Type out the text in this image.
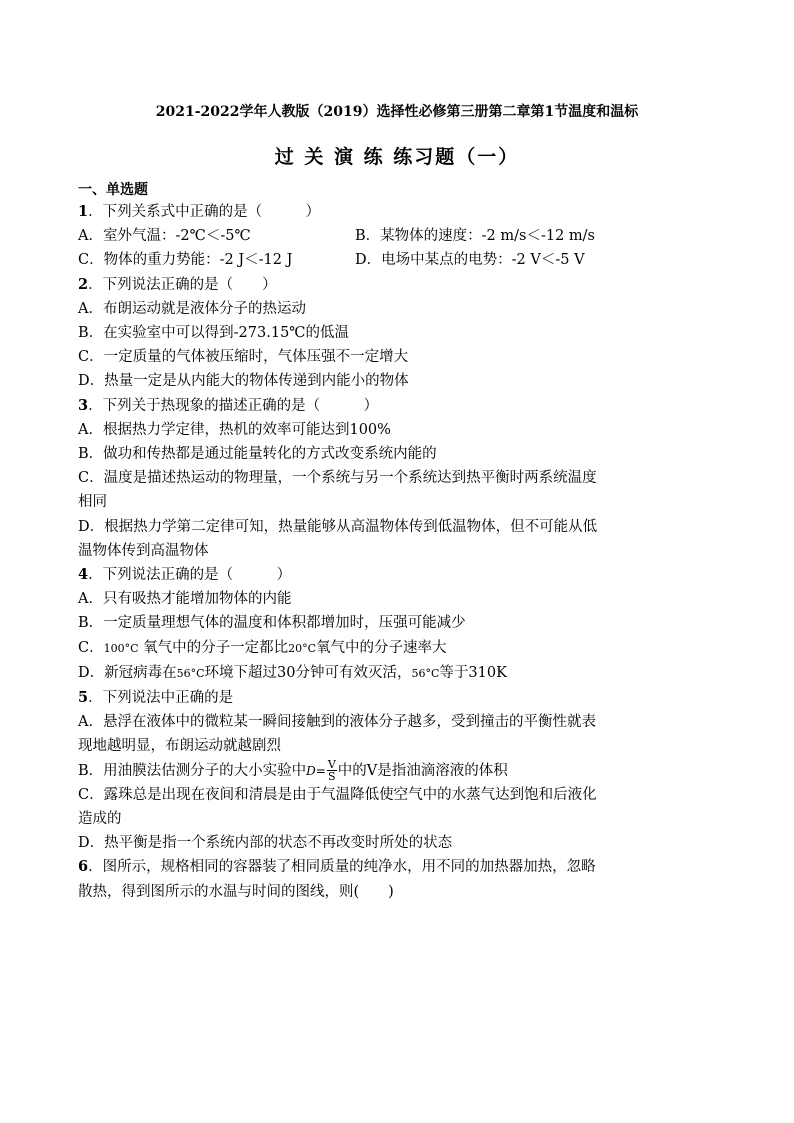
2021-2022学年人教版（2019）选择性必修第三册第二章第1节温度和温标
过 关 演 练 练习题（一）
一、单选题
1．下列关系式中正确的是（　　　）
A．室外气温：-2℃＜-5℃	B．某物体的速度：-2 m/s＜-12 m/s
C．物体的重力势能：-2 J＜-12 J	D．电场中某点的电势：-2 V＜-5 V
2．下列说法正确的是（　　）
A．布朗运动就是液体分子的热运动
B．在实验室中可以得到-273.15℃的低温
C．一定质量的气体被压缩时，气体压强不一定增大
D．热量一定是从内能大的物体传递到内能小的物体
3．下列关于热现象的描述正确的是（　　　）
A．根据热力学定律，热机的效率可能达到100%
B．做功和传热都是通过能量转化的方式改变系统内能的
C．温度是描述热运动的物理量，一个系统与另一个系统达到热平衡时两系统温度
相同
D．根据热力学第二定律可知，热量能够从高温物体传到低温物体，但不可能从低
温物体传到高温物体
4．下列说法正确的是（　　　）
A．只有吸热才能增加物体的内能
B．一定质量理想气体的温度和体积都增加时，压强可能减少
C．100°C 氧气中的分子一定都比20°C氧气中的分子速率大
D．新冠病毒在56°C环境下超过30分钟可有效灭活，56°C等于310K
5．下列说法中正确的是
A．悬浮在液体中的微粒某一瞬间接触到的液体分子越多，受到撞击的平衡性就表
现地越明显，布朗运动就越剧烈
B．用油膜法估测分子的大小实验中$D= \frac{V}{S}$ 中的V是指油滴溶液的体积
C．露珠总是出现在夜间和清晨是由于气温降低使空气中的水蒸气达到饱和后液化
造成的
D．热平衡是指一个系统内部的状态不再改变时所处的状态
6．图所示，规格相同的容器装了相同质量的纯净水，用不同的加热器加热，忽略
散热，得到图所示的水温与时间的图线，则(　　)
